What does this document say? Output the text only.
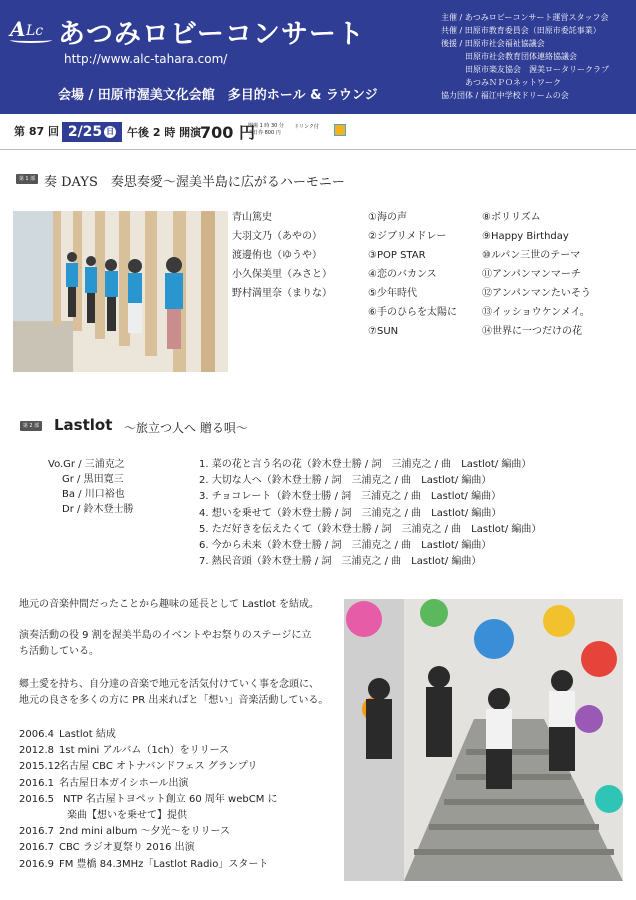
A Lc あつみロビーコンサート
http://www.alc-tahara.com/
会場 / 田原市渥美文化会館　多目的ホール & ラウンジ
主催 / あつみロビーコンサート運営スタッフ会
共催 / 田原市教育委員会（田原市委託事業）
後援 / 田原市社会福祉協議会
田原市社会教育団体連絡協議会
田原市楽友協会　渥美ロータリークラブ
あつみＮＰＯネットワーク
協力団体 / 福江中学校ドリームの会
第 87 回 2/25 日	午後 2 時 開演
700 円
開場 1 時 30 分
当日券 800 円
ドリンク付
第 1 部 奏 DAYS　奏思奏愛〜渥美半島に広がるハーモニー
青山篤史
大羽文乃（あやの）
渡邊侑也（ゆうや）
小久保美里（みさと）
野村満里奈（まりな）
①海の声
②ジブリメドレー
③POP STAR
④恋のバカンス
⑤少年時代
⑥手のひらを太陽に
⑦SUN
⑧ボリリズム
⑨Happy Birthday
⑩ルパン三世のテーマ
⑪アンパンマンマーチ
⑫アンパンマンたいそう
⑬イッショウケンメイ。
⑭世界に一つだけの花
第 2 部 Lastlot 〜旅立つ人へ 贈る唄〜
Vo.Gr / 三浦克之
Gr / 黒田寛三
Ba / 川口裕也
Dr / 鈴木登士勝
1. 菜の花と言う名の花（鈴木登士勝 / 詞　三浦克之 / 曲　Lastlot/ 編曲）
2. 大切な人へ（鈴木登士勝 / 詞　三浦克之 / 曲　Lastlot/ 編曲）
3. チョコレート（鈴木登士勝 / 詞　三浦克之 / 曲　Lastlot/ 編曲）
4. 想いを乗せて（鈴木登士勝 / 詞　三浦克之 / 曲　Lastlot/ 編曲）
5. ただ好きを伝えたくて（鈴木登士勝 / 詞　三浦克之 / 曲　Lastlot/ 編曲）
6. 今から未来（鈴木登士勝 / 詞　三浦克之 / 曲　Lastlot/ 編曲）
7. 熱民音頭（鈴木登士勝 / 詞　三浦克之 / 曲　Lastlot/ 編曲）
地元の音楽仲間だったことから趣味の延長として Lastlot を結成。
演奏活動の役 9 割を渥美半島のイベントやお祭りのステージに立
ち活動している。
郷土愛を持ち、自分達の音楽で地元を活気付けていく事を念頭に、
地元の良さを多くの方に PR 出来ればと「想い」音楽活動している。
2006.4 Lastlot 結成
2012.8 1st mini アルバム（1ch）をリリース
2015.12
名古屋 CBC オトナバンドフェス グランプリ
2016.1 名古屋日本ガイシホール出演
2016.5 NTP 名古屋トヨペット創立 60 周年 webCM に
楽曲【想いを乗せて】提供
2016.7 2nd mini album 〜夕光〜をリリース
2016.7 CBC ラジオ夏祭り 2016 出演
2016.9 FM 豊橋 84.3MHz「Lastlot Radio」スタート
